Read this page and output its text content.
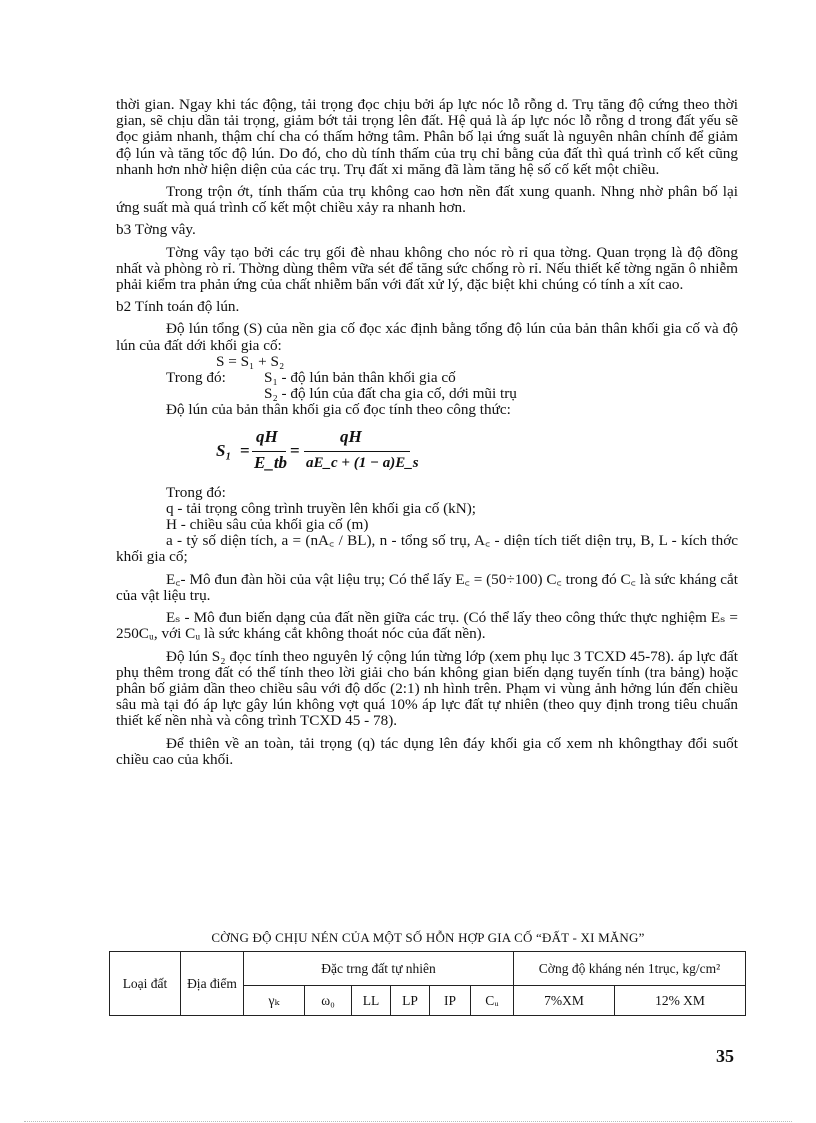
thời gian. Ngay khi tác động, tải trọng đọc chịu bởi áp lực nóc lỗ rỗng d. Trụ tăng độ cứng theo thời gian, sẽ chịu dần tải trọng, giảm bớt tải trọng lên đất. Hệ quả là áp lực nóc lỗ rỗng d trong đất yếu sẽ đọc giảm nhanh, thậm chí cha có thấm hởng tâm. Phân bố lại ứng suất là nguyên nhân chính để giảm độ lún và tăng tốc độ lún. Do đó, cho dù tính thấm của trụ chỉ bằng của đất thì quá trình cố kết cũng nhanh hơn nhờ hiện diện của các trụ. Trụ đất xi măng đã làm tăng hệ số cố kết một chiều.

Trong trộn ớt, tính thấm của trụ không cao hơn nền đất xung quanh. Nhng nhờ phân bố lại ứng suất mà quá trình cố kết một chiều xảy ra nhanh hơn.

b3 Tờng vây.

Tờng vây tạo bởi các trụ gối đè nhau không cho nóc rò rỉ qua tờng. Quan trọng là độ đồng nhất và phòng rò rỉ. Thờng dùng thêm vữa sét để tăng sức chống rò rỉ. Nếu thiết kế tờng ngăn ô nhiễm phải kiểm tra phản ứng của chất nhiễm bẩn với đất xử lý, đặc biệt khi chúng có tính a xít cao.

b2 Tính toán độ lún.

Độ lún tổng (S) của nền gia cố đọc xác định bằng tổng độ lún của bản thân khối gia cố và độ lún của đất dới khối gia cố:

S = S₁ + S₂

Trong đó:	S₁ - độ lún bản thân khối gia cố

S₂ - độ lún của đất cha gia cố, dới mũi trụ

Độ lún của bản thân khối gia cố đọc tính theo công thức:

S₁ =
qH
E_tb
=
qH
aE_c + (1 − a)E_s

Trong đó:

q - tải trọng công trình truyền lên khối gia cố (kN);

H - chiều sâu của khối gia cố (m)

a - tỷ số diện tích, a = (nA꜀ / BL), n - tổng số trụ, A꜀ - diện tích tiết diện trụ, B, L - kích thớc khối gia cố;

E꜀- Mô đun đàn hồi của vật liệu trụ; Có thể lấy E꜀ = (50÷100) C꜀ trong đó C꜀ là sức kháng cắt của vật liệu trụ.

Eₛ - Mô đun biến dạng của đất nền giữa các trụ. (Có thể lấy theo công thức thực nghiệm Eₛ = 250Cᵤ, với Cᵤ là sức kháng cắt không thoát nóc của đất nền).

Độ lún S₂ đọc tính theo nguyên lý cộng lún từng lớp (xem phụ lục 3 TCXD 45-78). áp lực đất phụ thêm trong đất có thể tính theo lời giải cho bán không gian biến dạng tuyến tính (tra bảng) hoặc phân bố giảm dần theo chiều sâu với độ dốc (2:1) nh hình trên. Phạm vi vùng ảnh hởng lún đến chiều sâu mà tại đó áp lực gây lún không vợt quá 10% áp lực đất tự nhiên (theo quy định trong tiêu chuẩn thiết kế nền nhà và công trình TCXD 45 - 78).

Để thiên về an toàn, tải trọng (q) tác dụng lên đáy khối gia cố xem nh khôngthay đổi suốt chiều cao của khối.

CỜNG ĐỘ CHỊU NÉN CỦA MỘT SỐ HỖN HỢP GIA CỐ “ĐẤT - XI MĂNG”
Loại đất	Địa điểm	Đặc trng đất tự nhiên						Cờng độ kháng nén 1trục, kg/cm²	
		γₖ	ω₀	LL	LP	IP	Cᵤ	7%XM	12% XM
35
